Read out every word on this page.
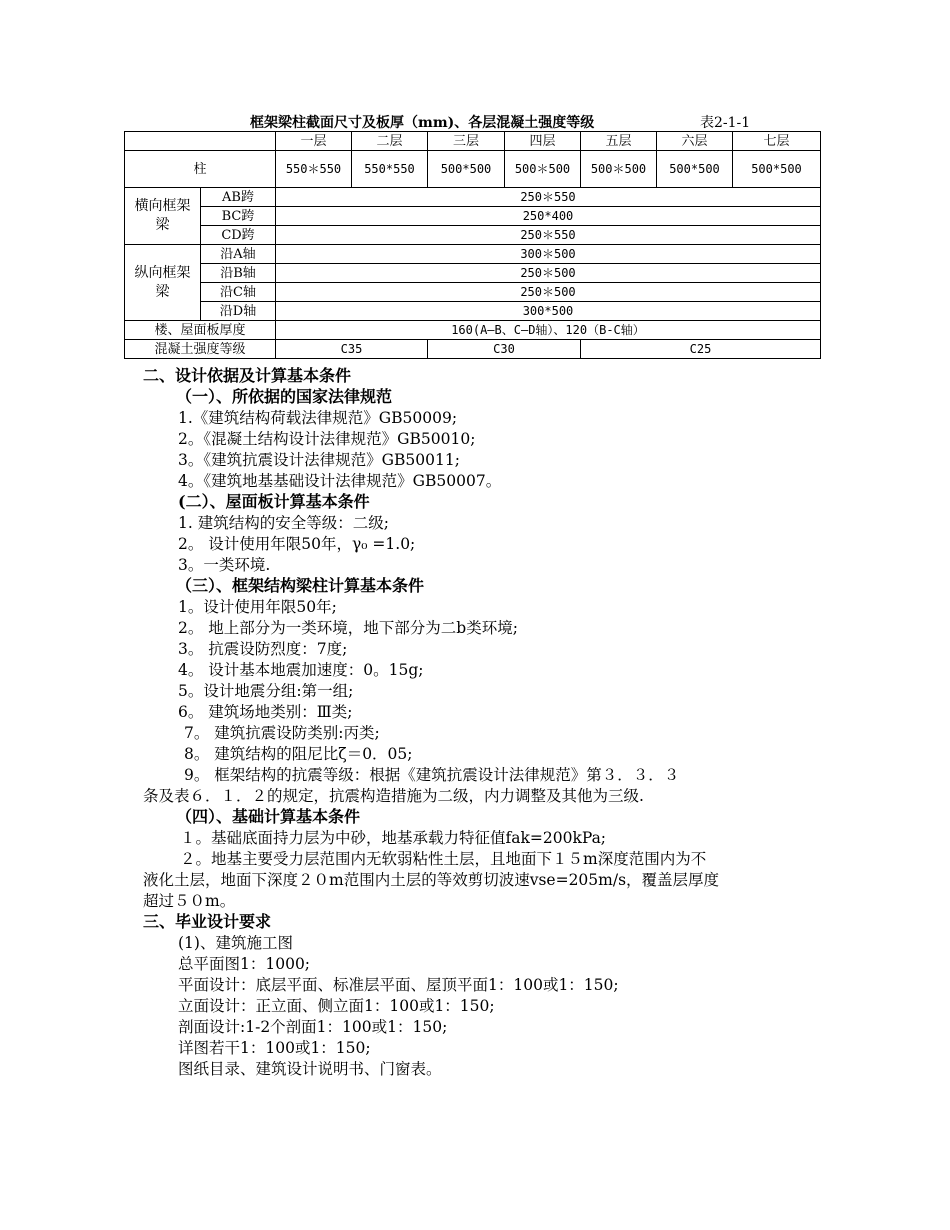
框架梁柱截面尺寸及板厚（mm)、各层混凝土强度等级	表2-1-1
		一层	二层	三层	四层	五层	六层	七层
柱		550＊550	550*550	500*500	500＊500	500＊500	500*500	500*500
横向框架梁	AB跨	250＊550						
	BC跨	250*400						
	CD跨	250＊550						
纵向框架梁	沿A轴	300＊500						
	沿B轴	250＊500						
	沿C轴	250＊500						
	沿D轴	300*500						
楼、屋面板厚度		160(A—B、C—D轴）、120（B-C轴）						
混凝土强度等级		C35		C30		C25		
二、设计依据及计算基本条件
（一）、所依据的国家法律规范
1.《建筑结构荷载法律规范》GB50009;
2。《混凝土结构设计法律规范》GB50010;
3。《建筑抗震设计法律规范》GB50011;
4。《建筑地基基础设计法律规范》GB50007。
(二）、屋面板计算基本条件
1. 建筑结构的安全等级：二级;
2。 设计使用年限50年，γ₀ =1.0;
3。一类环境.
（三）、框架结构梁柱计算基本条件
1。设计使用年限50年;
2。 地上部分为一类环境，地下部分为二b类环境;
3。 抗震设防烈度：7度;
4。 设计基本地震加速度：0。15g;
5。设计地震分组:第一组;
6。 建筑场地类别：Ⅲ类;
7。 建筑抗震设防类别:丙类;
8。 建筑结构的阻尼比ζ＝0．05;
9。 框架结构的抗震等级：根据《建筑抗震设计法律规范》第３．３．３
条及表６．１．２的规定，抗震构造措施为二级，内力调整及其他为三级.
（四）、基础计算基本条件
１。基础底面持力层为中砂，地基承载力特征值fak=200kPa;
２。地基主要受力层范围内无软弱粘性土层，且地面下１５m深度范围内为不
液化土层，地面下深度２０m范围内土层的等效剪切波速vse=205m/s，覆盖层厚度
超过５０m。
三、毕业设计要求
(1)、建筑施工图
总平面图1：1000;
平面设计：底层平面、标准层平面、屋顶平面1：100或1：150;
立面设计：正立面、侧立面1：100或1：150;
剖面设计:1-2个剖面1：100或1：150;
详图若干1：100或1：150;
图纸目录、建筑设计说明书、门窗表。
